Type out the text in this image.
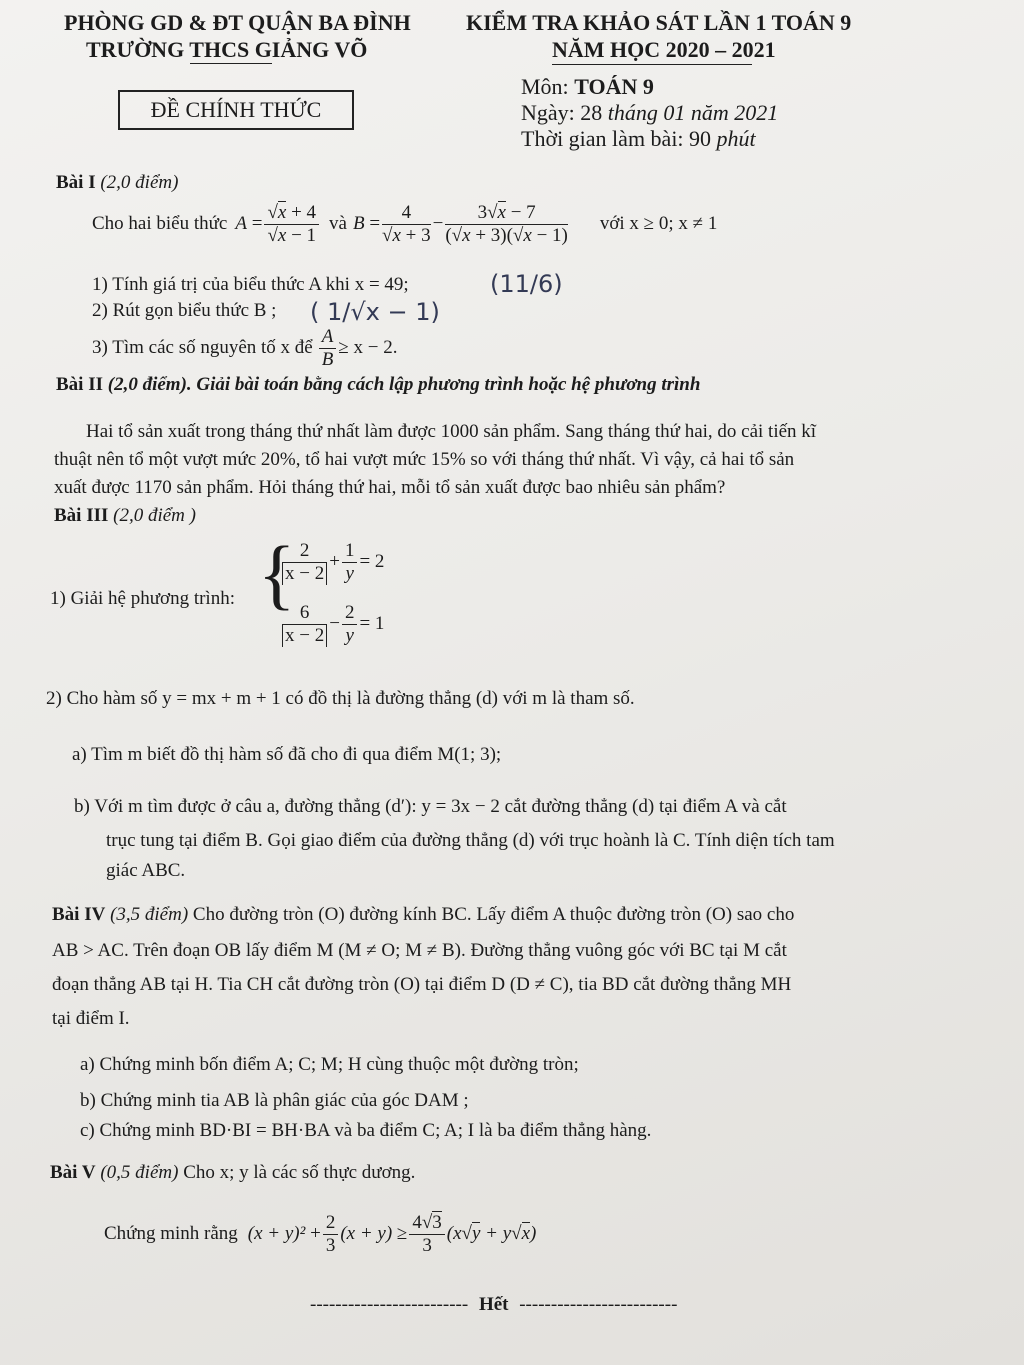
PHÒNG GD & ĐT QUẬN BA ĐÌNH
TRƯỜNG THCS GIẢNG VÕ
KIỂM TRA KHẢO SÁT LẦN 1 TOÁN 9
NĂM HỌC 2020 – 2021
ĐỀ CHÍNH THỨC
Môn: TOÁN 9
Ngày: 28 tháng 01 năm 2021
Thời gian làm bài: 90 phút
Bài I (2,0 điểm)
Cho hai biểu thức $A = \frac{√x + 4}{√x - 1}$ và $B = \frac{4}{√x + 3} - \frac{3√x - 7}{(√x + 3)(√x - 1)}$ với x ≥ 0; x ≠ 1
1) Tính giá trị của biểu thức A khi x = 49;	(11/6)
2) Rút gọn biểu thức B ; ( 1/√x − 1)
3) Tìm các số nguyên tố x để $\frac{A}{B} \ge x - 2$.
Bài II (2,0 điểm). Giải bài toán bằng cách lập phương trình hoặc hệ phương trình
Hai tổ sản xuất trong tháng thứ nhất làm được 1000 sản phẩm. Sang tháng thứ hai, do cải tiến kĩ
thuật nên tổ một vượt mức 20%, tổ hai vượt mức 15% so với tháng thứ nhất. Vì vậy, cả hai tổ sản
xuất được 1170 sản phẩm. Hỏi tháng thứ hai, mỗi tổ sản xuất được bao nhiêu sản phẩm?
Bài III (2,0 điểm )
1) Giải hệ phương trình: {
$\frac{2}{x - 2} + \frac{1}{y} = 2$
$\frac{6}{x - 2} - \frac{2}{y} = 1$
2) Cho hàm số y = mx + m + 1 có đồ thị là đường thẳng (d) với m là tham số.
a) Tìm m biết đồ thị hàm số đã cho đi qua điểm M(1; 3);
b) Với m tìm được ở câu a, đường thẳng (d′): y = 3x − 2 cắt đường thẳng (d) tại điểm A và cắt
trục tung tại điểm B. Gọi giao điểm của đường thẳng (d) với trục hoành là C. Tính diện tích tam
giác ABC.
Bài IV (3,5 điểm) Cho đường tròn (O) đường kính BC. Lấy điểm A thuộc đường tròn (O) sao cho
AB > AC. Trên đoạn OB lấy điểm M (M ≠ O; M ≠ B). Đường thẳng vuông góc với BC tại M cắt
đoạn thẳng AB tại H. Tia CH cắt đường tròn (O) tại điểm D (D ≠ C), tia BD cắt đường thẳng MH
tại điểm I.
a) Chứng minh bốn điểm A; C; M; H cùng thuộc một đường tròn;
b) Chứng minh tia AB là phân giác của góc DAM ;
c) Chứng minh BD·BI = BH·BA và ba điểm C; A; I là ba điểm thẳng hàng.
Bài V (0,5 điểm) Cho x; y là các số thực dương.
Chứng minh rằng $(x + y)^2 + \frac{2}{3} (x + y) \ge \frac{4√3}{3} (x√y + y√x)$
------------------------- Hết -------------------------
